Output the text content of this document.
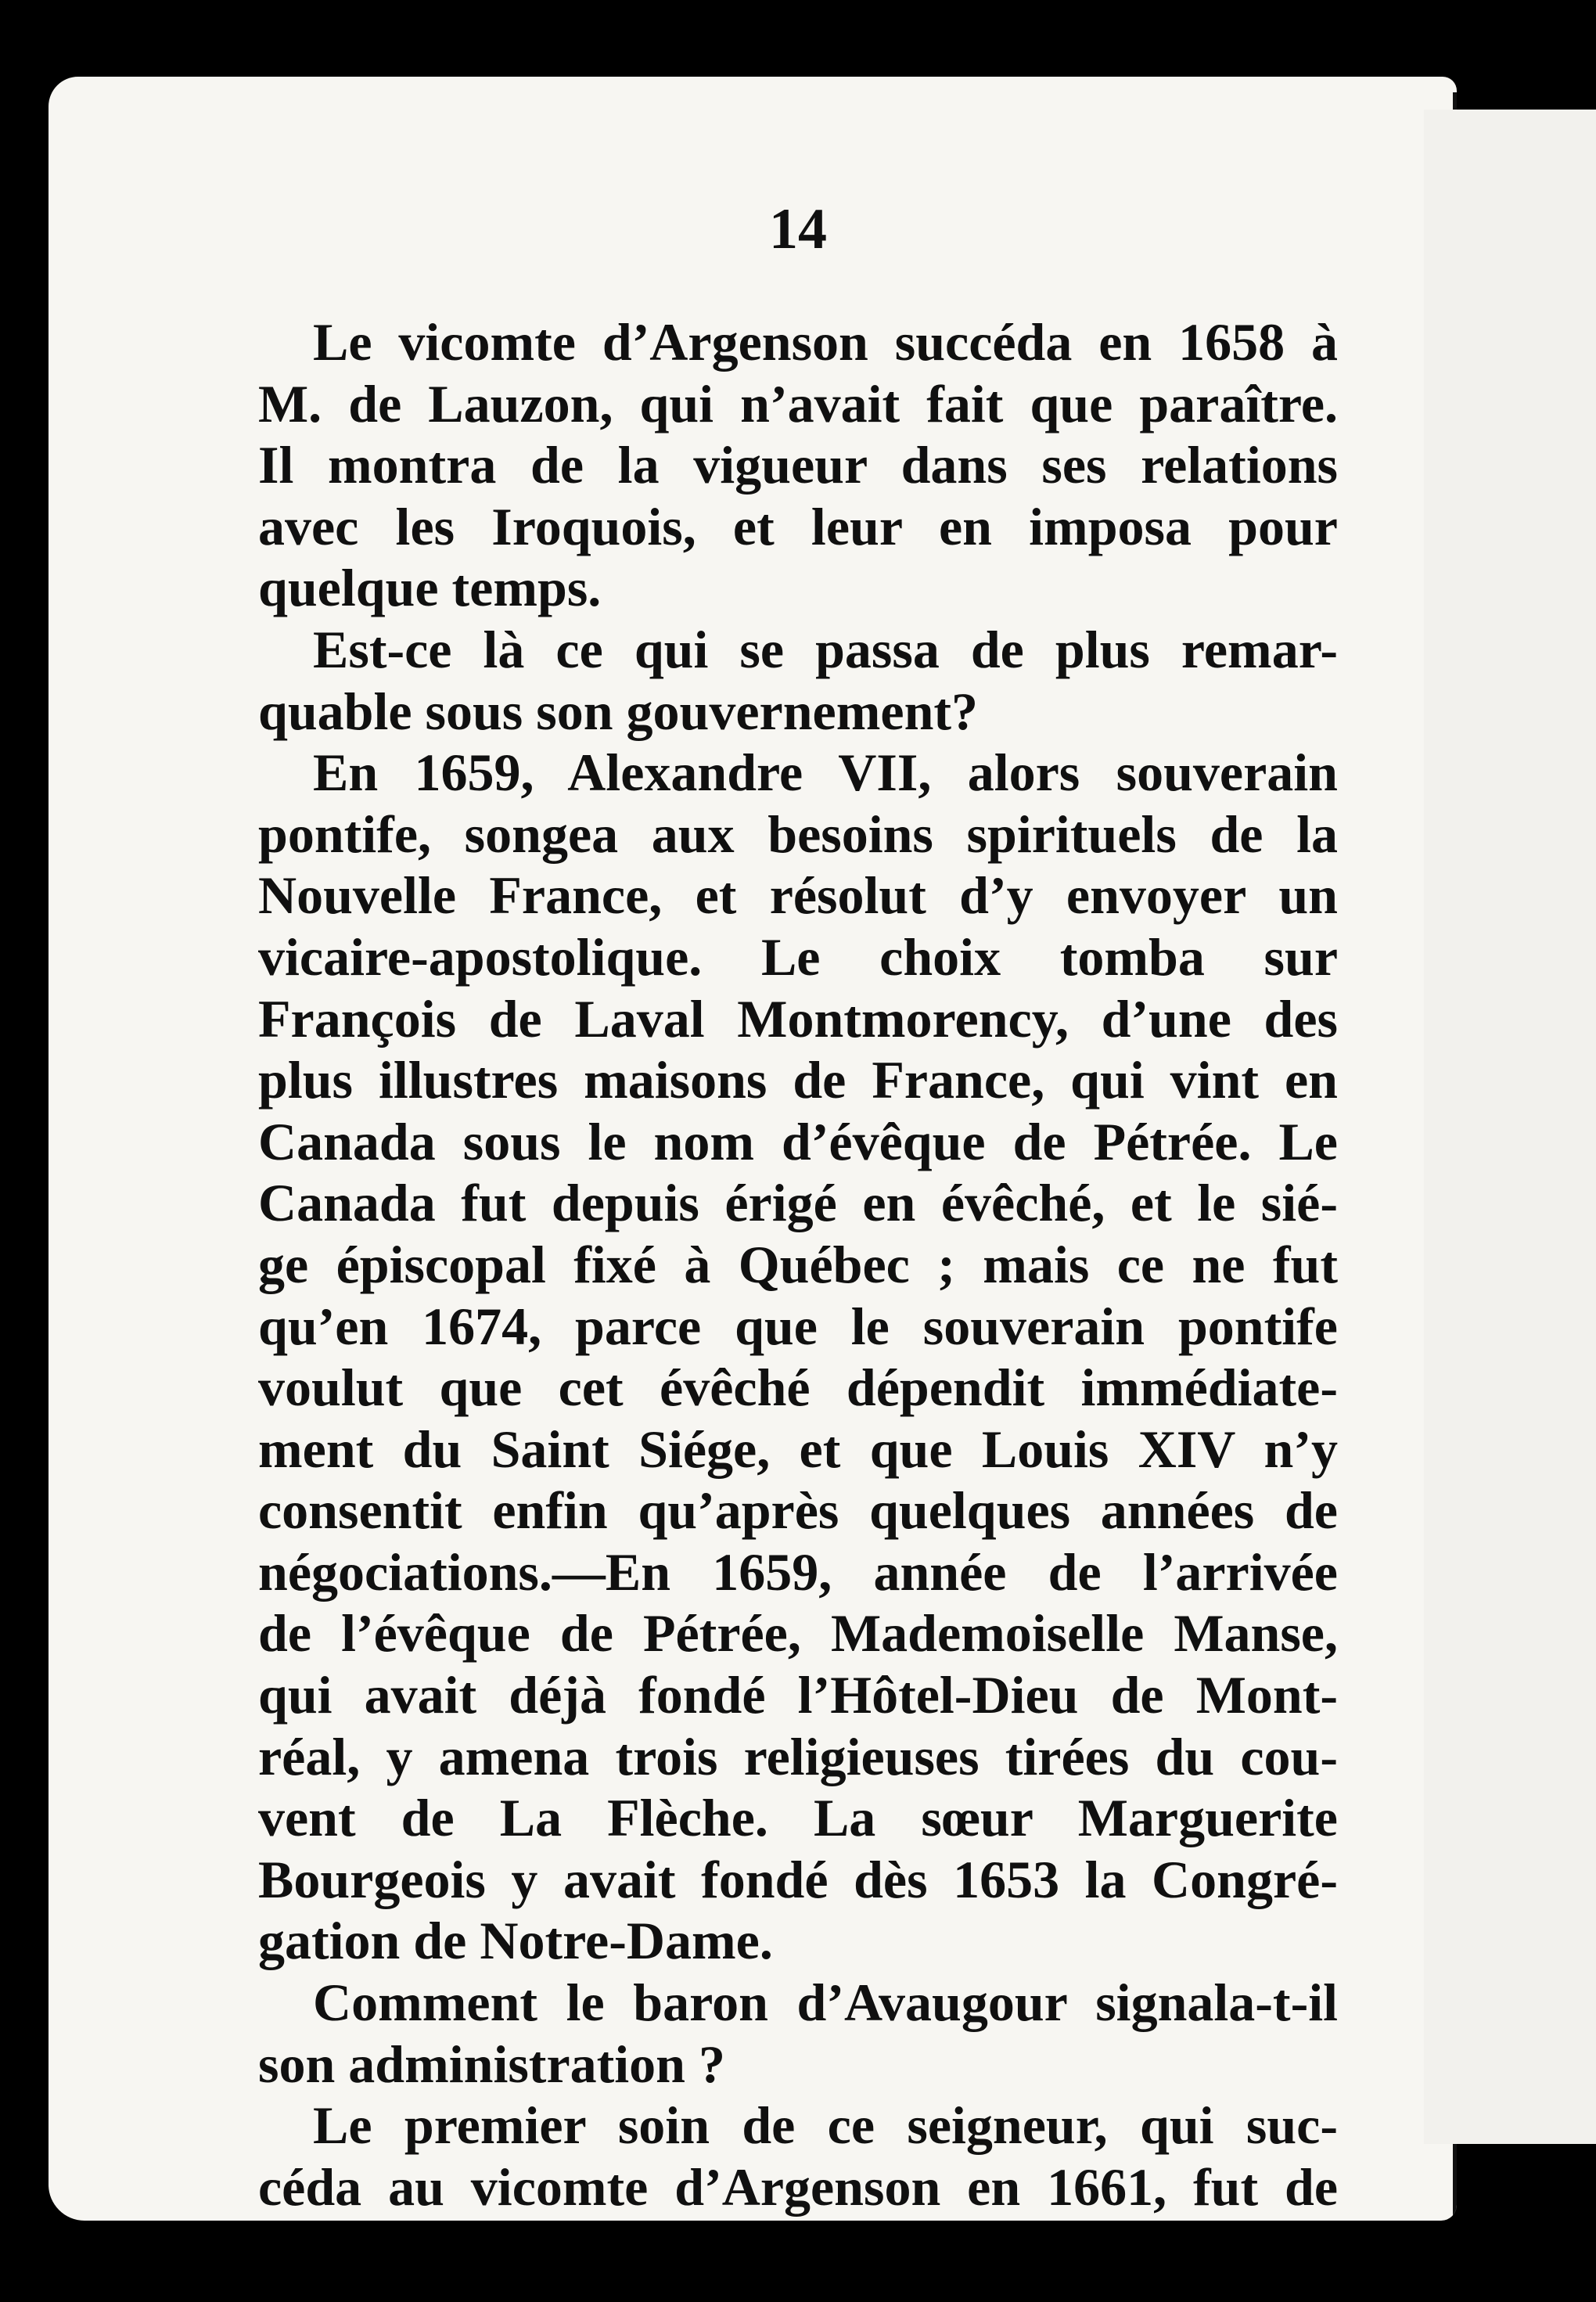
14
Le vicomte d’Argenson succéda en 1658 à
M. de Lauzon, qui n’avait fait que paraître.
Il montra de la vigueur dans ses relations
avec les Iroquois, et leur en imposa pour
quelque temps.
Est-ce là ce qui se passa de plus remar-
quable sous son gouvernement?
En 1659, Alexandre VII, alors souverain
pontife, songea aux besoins spirituels de la
Nouvelle France, et résolut d’y envoyer un
vicaire-apostolique. Le choix tomba sur
François de Laval Montmorency, d’une des
plus illustres maisons de France, qui vint en
Canada sous le nom d’évêque de Pétrée. Le
Canada fut depuis érigé en évêché, et le sié-
ge épiscopal fixé à Québec ; mais ce ne fut
qu’en 1674, parce que le souverain pontife
voulut que cet évêché dépendit immédiate-
ment du Saint Siége, et que Louis XIV n’y
consentit enfin qu’après quelques années de
négociations.—En 1659, année de l’arrivée
de l’évêque de Pétrée, Mademoiselle Manse,
qui avait déjà fondé l’Hôtel-Dieu de Mont-
réal, y amena trois religieuses tirées du cou-
vent de La Flèche. La sœur Marguerite
Bourgeois y avait fondé dès 1653 la Congré-
gation de Notre-Dame.
Comment le baron d’Avaugour signala-t-il
son administration ?
Le premier soin de ce seigneur, qui suc-
céda au vicomte d’Argenson en 1661, fut de
